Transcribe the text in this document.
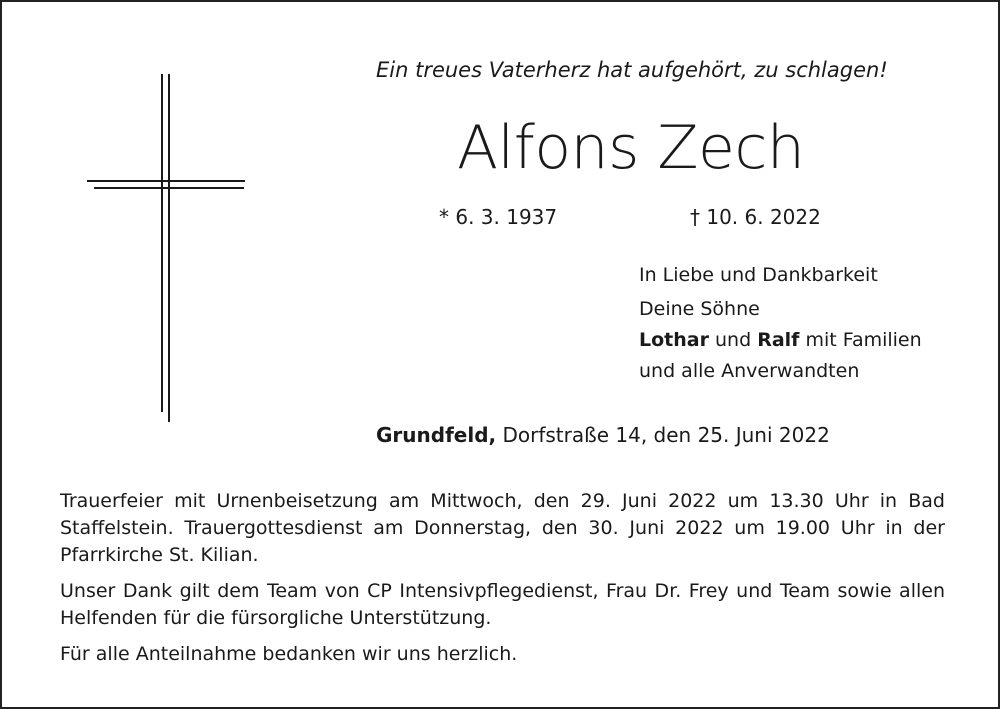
Ein treues Vaterherz hat aufgehört, zu schlagen!
Alfons Zech
* 6. 3. 1937	† 10. 6. 2022
In Liebe und Dankbarkeit
Deine Söhne
Lothar und Ralf mit Familien
und alle Anverwandten
Grundfeld, Dorfstraße 14, den 25. Juni 2022
Trauerfeier mit Urnenbeisetzung am Mittwoch, den 29. Juni 2022 um 13.30 Uhr in Bad Staffelstein. Trauergottesdienst am Donnerstag, den 30. Juni 2022 um 19.00 Uhr in der Pfarrkirche St. Kilian.
Unser Dank gilt dem Team von CP Intensivpflegedienst, Frau Dr. Frey und Team sowie allen Helfenden für die fürsorgliche Unterstützung.
Für alle Anteilnahme bedanken wir uns herzlich.
